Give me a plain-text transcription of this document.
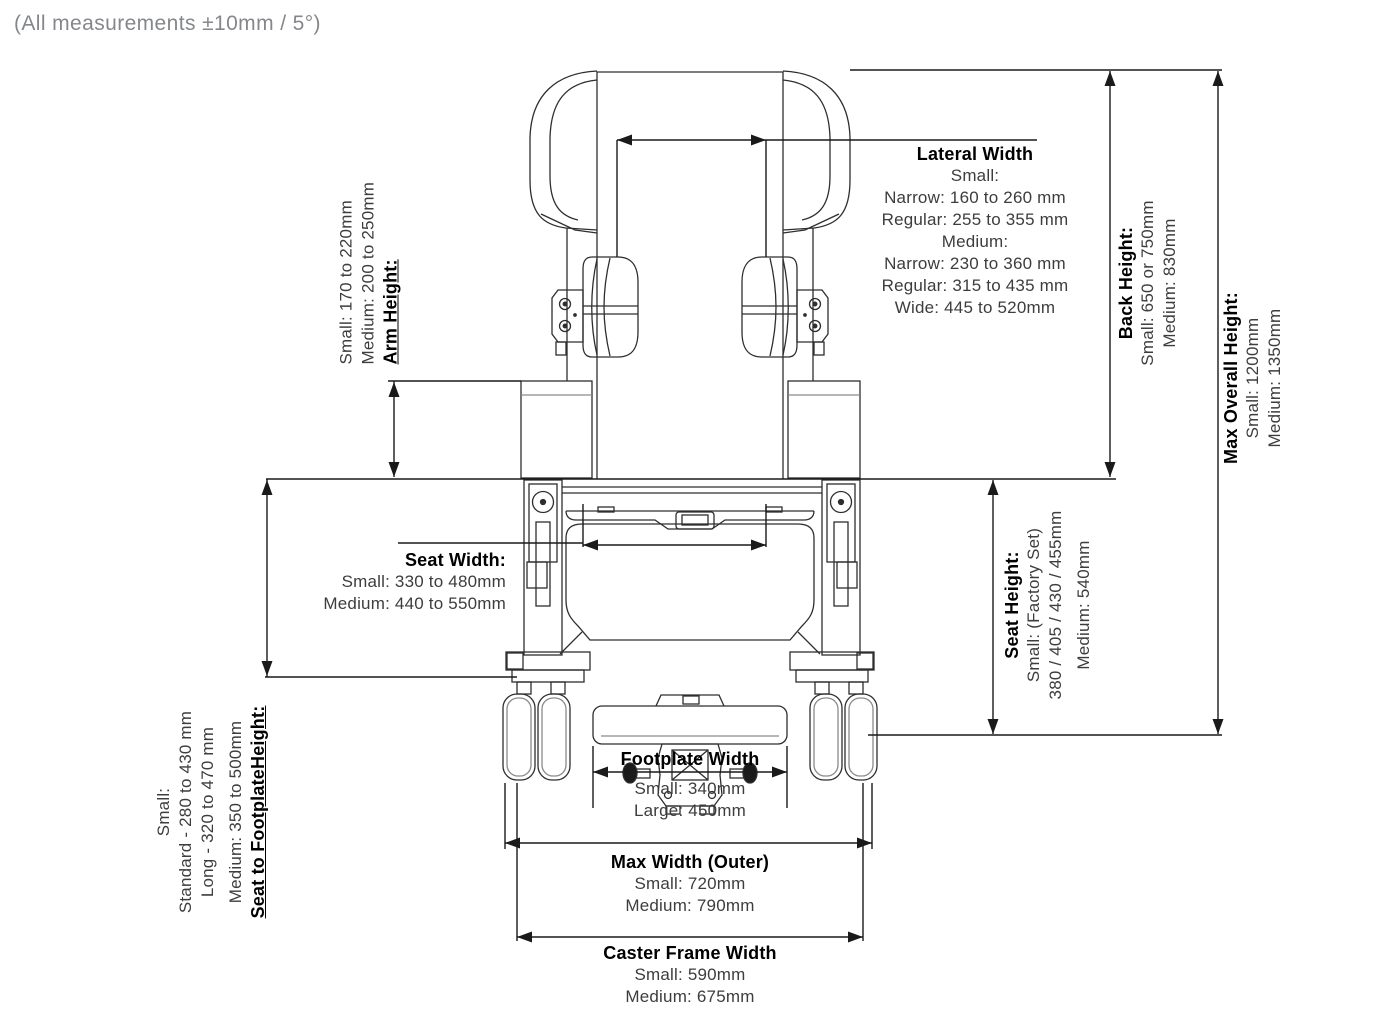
(All measurements ±10mm / 5°)
Lateral Width
Small:
Narrow: 160 to 260 mm
Regular: 255 to 355 mm
Medium:
Narrow: 230 to 360 mm
Regular: 315 to 435 mm
Wide: 445 to 520mm
Small: 170 to 220mm Medium: 200 to 250mm Arm Height:
Small: Standard - 280 to 430 mm Long - 320 to 470 mm Medium: 350 to 500mm Seat to FootplateHeight:
Seat Width:
Small: 330 to 480mm
Medium: 440 to 550mm	Seat Height: Small: (Factory Set) 380 / 405 / 430 / 455mm Medium: 540mm
Back Height: Small: 650 or 750mm Medium: 830mm
Max Overall Height: Small: 1200mm Medium: 1350mm
Footplate Width
Small: 340mm
Large: 450mm
Max Width (Outer)
Small: 720mm
Medium: 790mm
Caster Frame Width
Small: 590mm
Medium: 675mm
